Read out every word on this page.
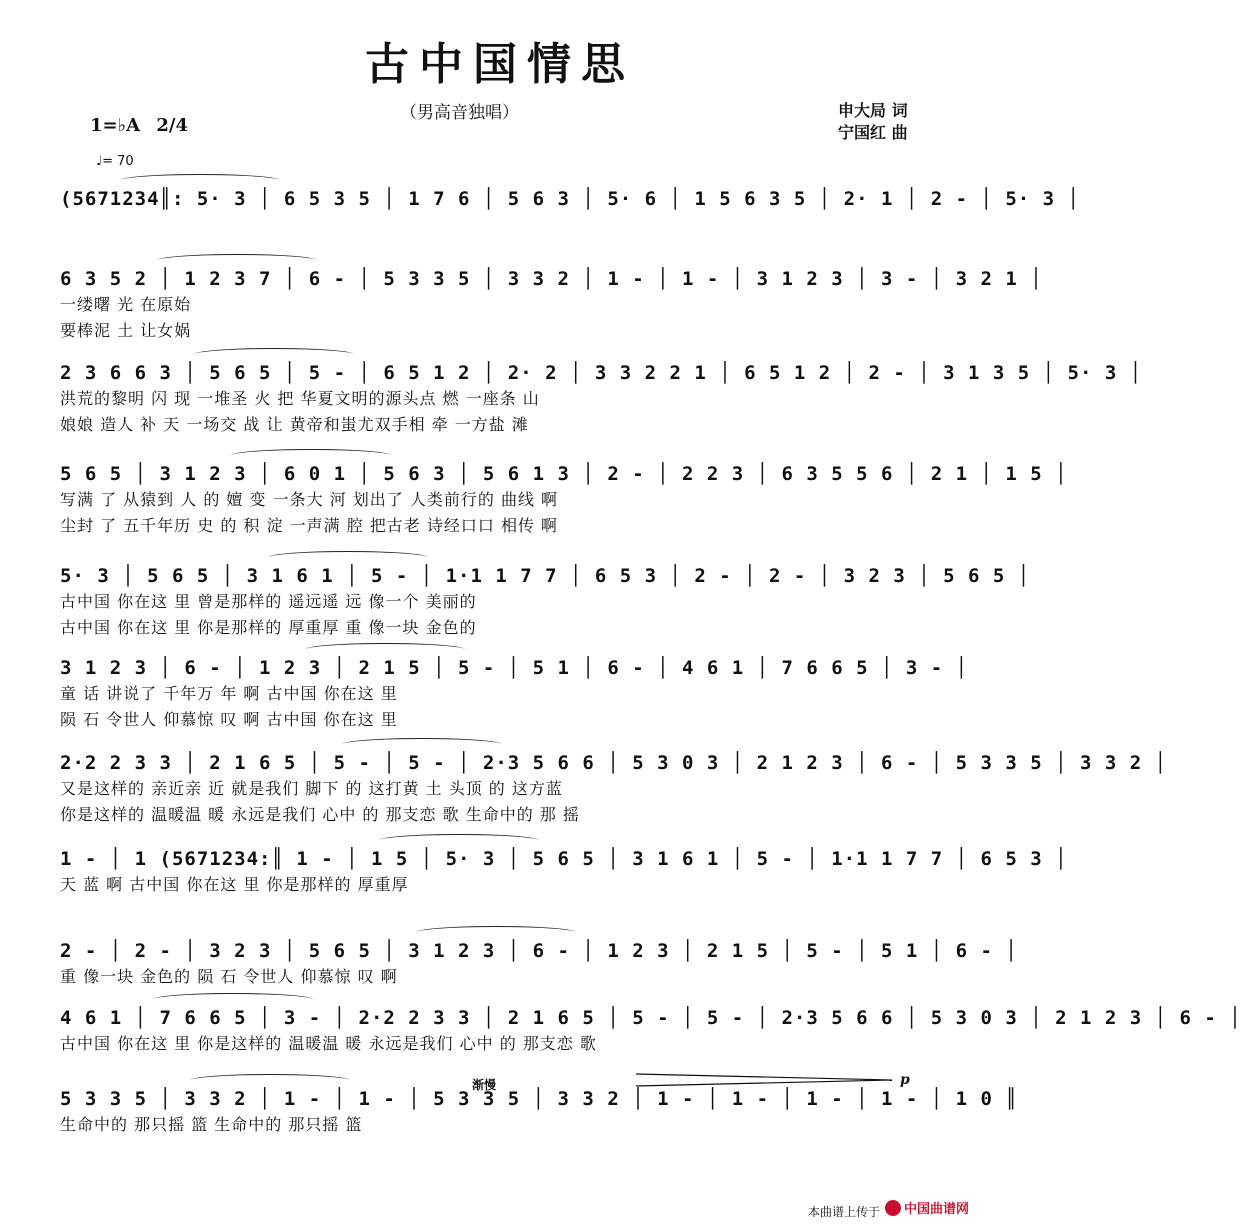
古中国情思
（男高音独唱）	申大局 词
宁国红 曲
1=♭A 2/4
♩= 70
(5671234║: 5· 3 │ 6 5 3 5 │ 1 7 6 │ 5 6 3 │ 5· 6 │ 1 5 6 3 5 │ 2· 1 │ 2 - │ 5· 3 │
6 3 5 2 │ 1 2 3 7 │ 6 - │ 5 3 3 5 │ 3 3 2 │ 1 - │ 1 - │ 3 1 2 3 │ 3 - │ 3 2 1 │
一缕曙 光 在原始
要棒泥 土 让女娲
2 3 6 6 3 │ 5 6 5 │ 5 - │ 6 5 1 2 │ 2· 2 │ 3 3 2 2 1 │ 6 5 1 2 │ 2 - │ 3 1 3 5 │ 5· 3 │
洪荒的黎明 闪 现 一堆圣 火 把 华夏文明的源头点 燃 一座条 山
娘娘 造人 补 天 一场交 战 让 黄帝和蚩尤双手相 牵 一方盐 滩
5 6 5 │ 3 1 2 3 │ 6 0 1 │ 5 6 3 │ 5 6 1 3 │ 2 - │ 2 2 3 │ 6 3 5 5 6 │ 2 1 │ 1 5 │
写满 了 从猿到 人 的 嬗 变 一条大 河 划出了 人类前行的 曲线 啊
尘封 了 五千年历 史 的 积 淀 一声满 腔 把古老 诗经口口 相传 啊
5· 3 │ 5 6 5 │ 3 1 6 1 │ 5 - │ 1·1 1 7 7 │ 6 5 3 │ 2 - │ 2 - │ 3 2 3 │ 5 6 5 │
古中国 你在这 里 曾是那样的 遥远遥 远 像一个 美丽的
古中国 你在这 里 你是那样的 厚重厚 重 像一块 金色的
3 1 2 3 │ 6 - │ 1 2 3 │ 2 1 5 │ 5 - │ 5 1 │ 6 - │ 4 6 1 │ 7 6 6 5 │ 3 - │
童 话 讲说了 千年万 年 啊 古中国 你在这 里
陨 石 令世人 仰慕惊 叹 啊 古中国 你在这 里
2·2 2 3 3 │ 2 1 6 5 │ 5 - │ 5 - │ 2·3 5 6 6 │ 5 3 0 3 │ 2 1 2 3 │ 6 - │ 5 3 3 5 │ 3 3 2 │
又是这样的 亲近亲 近 就是我们 脚下 的 这打黄 土 头顶 的 这方蓝
你是这样的 温暖温 暖 永远是我们 心中 的 那支恋 歌 生命中的 那 摇
1 - │ 1 (5671234:║ 1 - │ 1 5 │ 5· 3 │ 5 6 5 │ 3 1 6 1 │ 5 - │ 1·1 1 7 7 │ 6 5 3 │
天 蓝 啊 古中国 你在这 里 你是那样的 厚重厚
2 - │ 2 - │ 3 2 3 │ 5 6 5 │ 3 1 2 3 │ 6 - │ 1 2 3 │ 2 1 5 │ 5 - │ 5 1 │ 6 - │
重 像一块 金色的 陨 石 令世人 仰慕惊 叹 啊
4 6 1 │ 7 6 6 5 │ 3 - │ 2·2 2 3 3 │ 2 1 6 5 │ 5 - │ 5 - │ 2·3 5 6 6 │ 5 3 0 3 │ 2 1 2 3 │ 6 - │
古中国 你在这 里 你是这样的 温暖温 暖 永远是我们 心中 的 那支恋 歌
5 3 3 5 │ 3 3 2 │ 1 - │ 1 - │ 5 3 3 5 │ 3 3 2 │ 1 - │ 1 - │ 1 - │ 1 - │ 1 0 ║
生命中的 那只摇 篮 生命中的 那只摇 篮
渐慢	p
本曲谱上传于 中国曲谱网
